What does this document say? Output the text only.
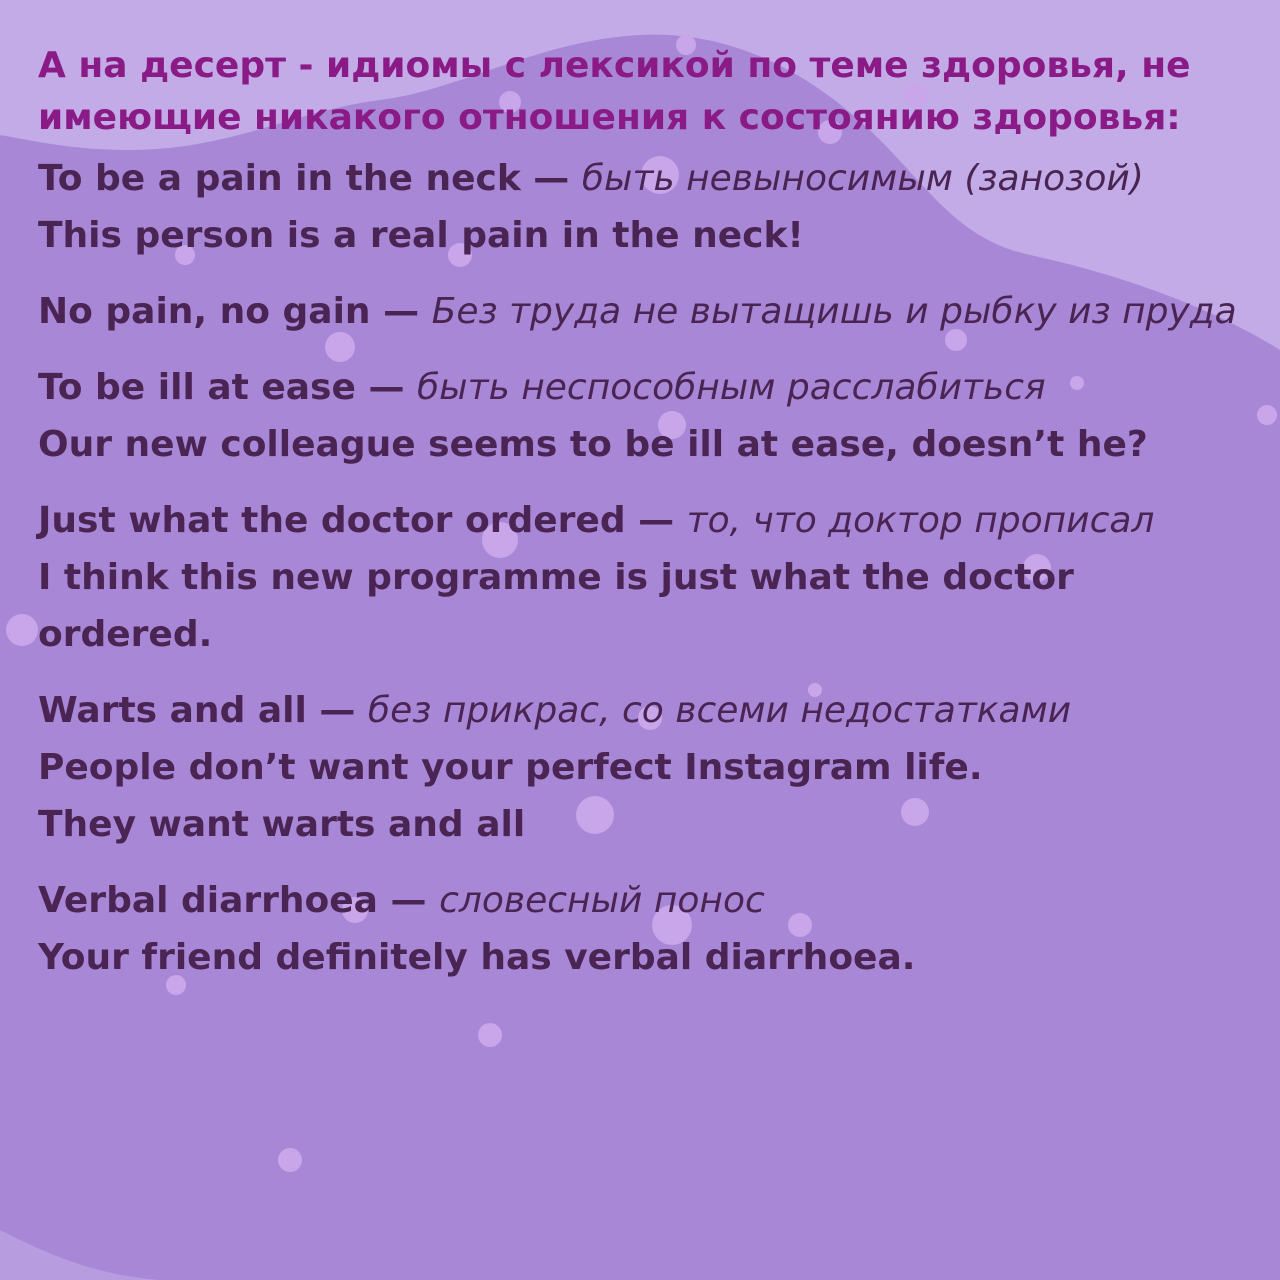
А на десерт - идиомы с лексикой по теме здоровья, не имеющие никакого отношения к состоянию здоровья:

To be a pain in the neck — быть невыносимым (занозой)

This person is a real pain in the neck!

No pain, no gain — Без труда не вытащишь и рыбку из пруда

To be ill at ease — быть неспособным расслабиться

Our new colleague seems to be ill at ease, doesn’t he?

Just what the doctor ordered — то, что доктор прописал

I think this new programme is just what the doctor ordered.

Warts and all — без прикрас, со всеми недостатками

People don’t want your perfect Instagram life.

They want warts and all

Verbal diarrhoea — словесный понос

Your friend definitely has verbal diarrhoea.
